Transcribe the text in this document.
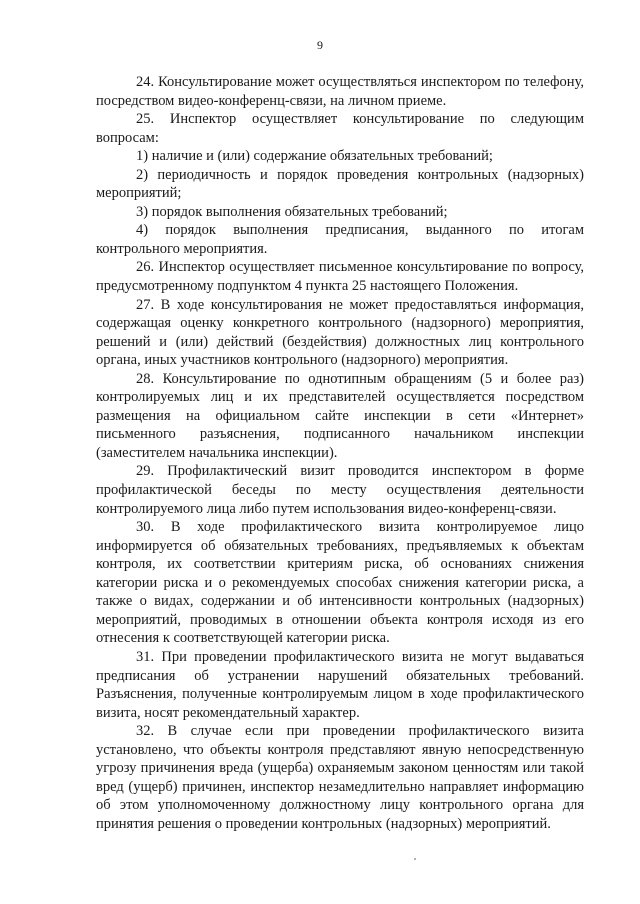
9

24. Консультирование может осуществляться инспектором по телефону, посредством видео-конференц-связи, на личном приеме.

25. Инспектор осуществляет консультирование по следующим вопросам:

1) наличие и (или) содержание обязательных требований;

2) периодичность и порядок проведения контрольных (надзорных) мероприятий;

3) порядок выполнения обязательных требований;

4) порядок выполнения предписания, выданного по итогам контрольного мероприятия.

26. Инспектор осуществляет письменное консультирование по вопросу, предусмотренному подпунктом 4 пункта 25 настоящего Положения.

27. В ходе консультирования не может предоставляться информация, содержащая оценку конкретного контрольного (надзорного) мероприятия, решений и (или) действий (бездействия) должностных лиц контрольного органа, иных участников контрольного (надзорного) мероприятия.

28. Консультирование по однотипным обращениям (5 и более раз) контролируемых лиц и их представителей осуществляется посредством размещения на официальном сайте инспекции в сети «Интернет» письменного разъяснения, подписанного начальником инспекции (заместителем начальника инспекции).

29. Профилактический визит проводится инспектором в форме профилактической беседы по месту осуществления деятельности контролируемого лица либо путем использования видео-конференц-связи.

30. В ходе профилактического визита контролируемое лицо информируется об обязательных требованиях, предъявляемых к объектам контроля, их соответствии критериям риска, об основаниях снижения категории риска и о рекомендуемых способах снижения категории риска, а также о видах, содержании и об интенсивности контрольных (надзорных) мероприятий, проводимых в отношении объекта контроля исходя из его отнесения к соответствующей категории риска.

31. При проведении профилактического визита не могут выдаваться предписания об устранении нарушений обязательных требований. Разъяснения, полученные контролируемым лицом в ходе профилактического визита, носят рекомендательный характер.

32. В случае если при проведении профилактического визита установлено, что объекты контроля представляют явную непосредственную угрозу причинения вреда (ущерба) охраняемым законом ценностям или такой вред (ущерб) причинен, инспектор незамедлительно направляет информацию об этом уполномоченному должностному лицу контрольного органа для принятия решения о проведении контрольных (надзорных) мероприятий.
